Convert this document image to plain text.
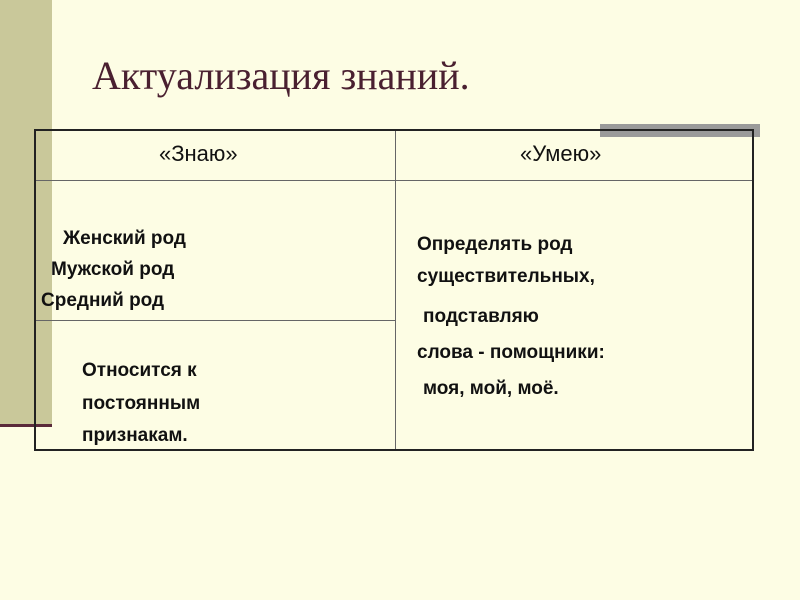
Актуализация знаний.
«Знаю»	«Умею»
Женский род
Мужской род
Средний род
Относится к
постоянным
признакам.
Определять род
существительных,
подставляю
слова - помощники:
моя, мой, моё.
